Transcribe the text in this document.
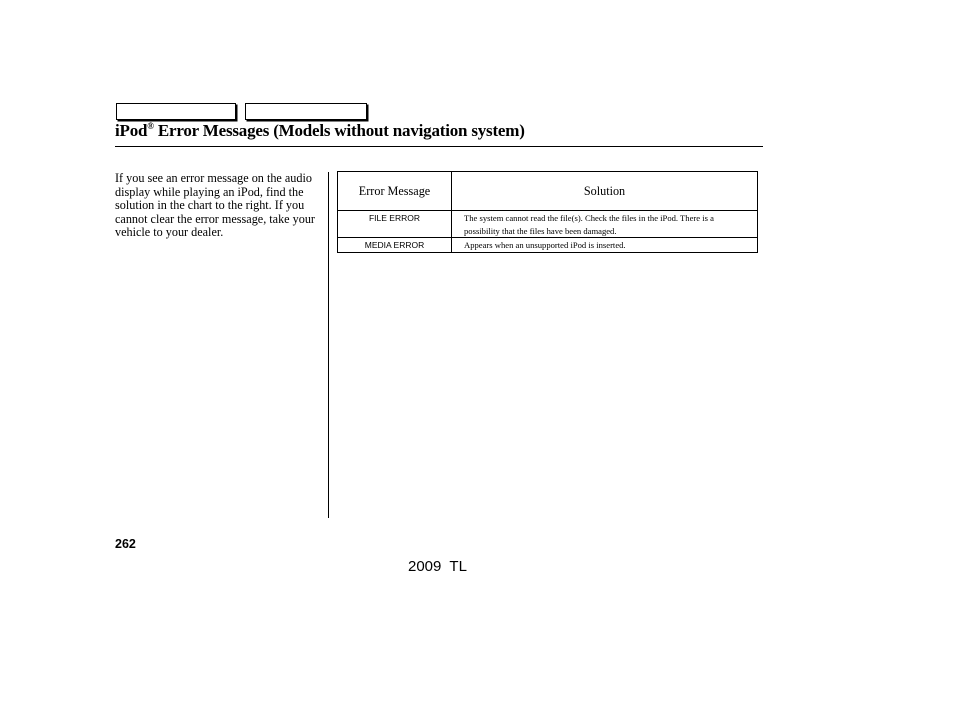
iPod® Error Messages (Models without navigation system)

If you see an error message on the audio display while playing an iPod, find the solution in the chart to the right. If you cannot clear the error message, take your vehicle to your dealer.

Error Message	Solution
FILE ERROR	The system cannot read the file(s). Check the files in the iPod. There is a possibility that the files have been damaged.
MEDIA ERROR	Appears when an unsupported iPod is inserted.
262
2009  TL
